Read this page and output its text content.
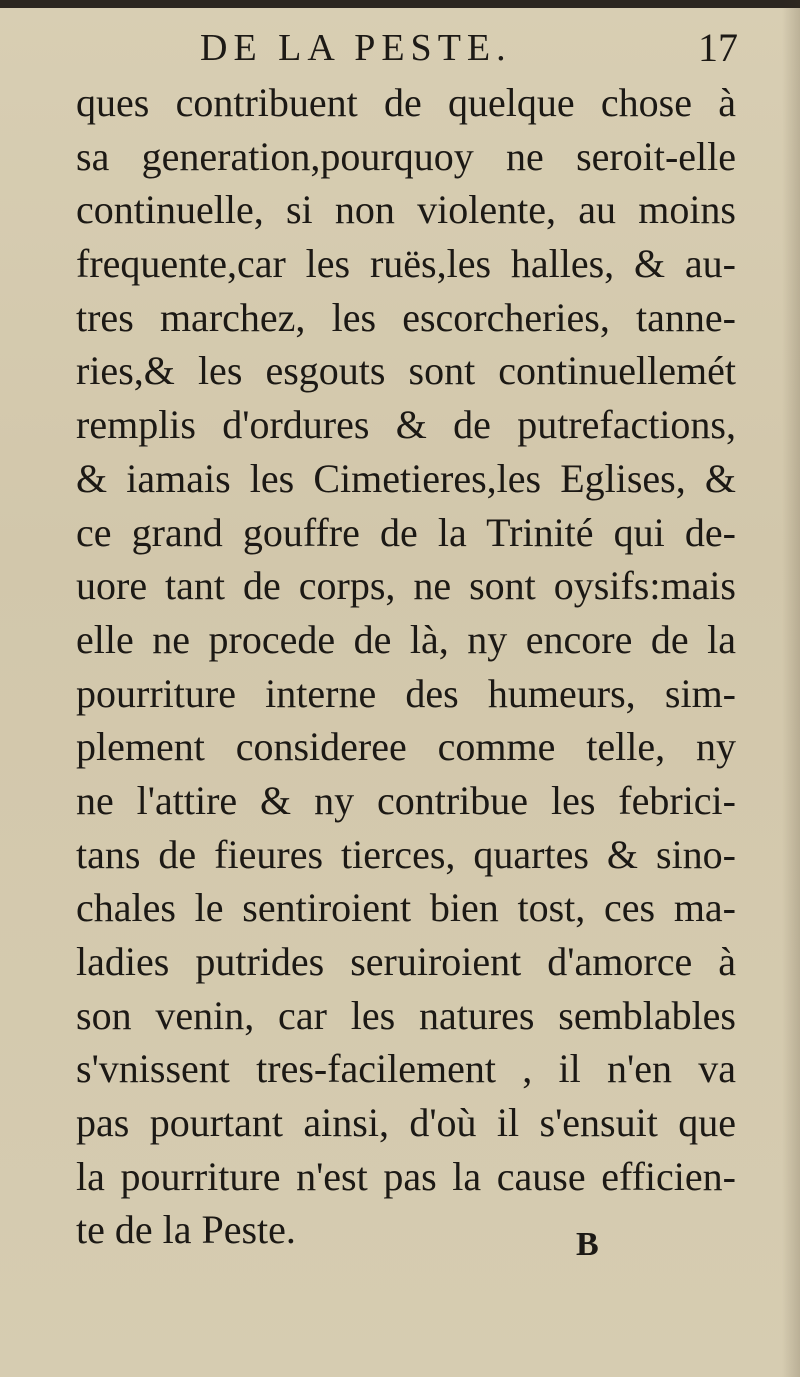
DE LA PESTE.	17
ques contribuent de quelque chose à
sa generation,pourquoy ne seroit-elle
continuelle, si non violente, au moins
frequente,car les ruës,les halles, & au-
tres marchez, les escorcheries, tanne-
ries,& les esgouts sont continuellemét
remplis d'ordures & de putrefactions,
& iamais les Cimetieres,les Eglises, &
ce grand gouffre de la Trinité qui de-
uore tant de corps, ne sont oysifs:mais
elle ne procede de là, ny encore de la
pourriture interne des humeurs, sim-
plement consideree comme telle, ny
ne l'attire & ny contribue les febrici-
tans de fieures tierces, quartes & sino-
chales le sentiroient bien tost, ces ma-
ladies putrides seruiroient d'amorce à
son venin, car les natures semblables
s'vnissent tres-facilement , il n'en va
pas pourtant ainsi, d'où il s'ensuit que
la pourriture n'est pas la cause efficien-
te de la Peste.	B
